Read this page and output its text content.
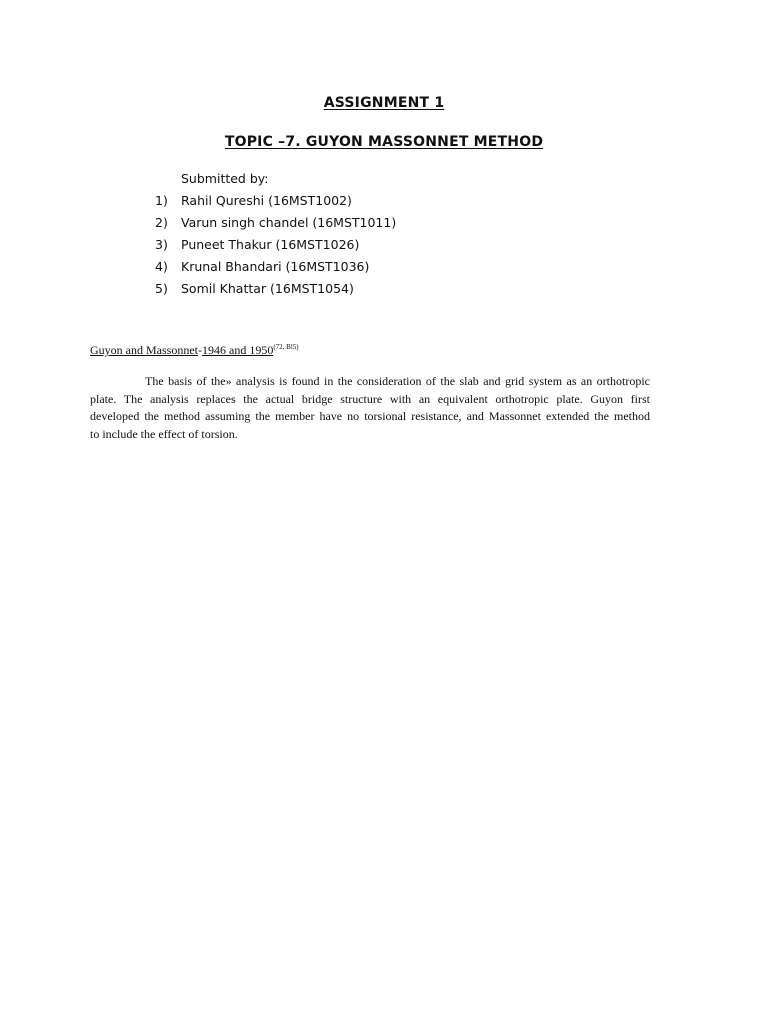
ASSIGNMENT 1
TOPIC –7. GUYON MASSONNET METHOD
Submitted by:
1) Rahil Qureshi (16MST1002)
2) Varun singh chandel (16MST1011)
3) Puneet Thakur (16MST1026)
4) Krunal Bhandari (16MST1036)
5) Somil Khattar (16MST1054)
Guyon and Massonnet-1946 and $1950^{(72, Bl5)}$
The basis of the» analysis is found in the consideration of the slab and grid system as an orthotropic
plate. The analysis replaces the actual bridge structure with an equivalent orthotropic plate. Guyon first
developed the method assuming the member have no torsional resistance, and Massonnet extended the method
to include the effect of torsion.
